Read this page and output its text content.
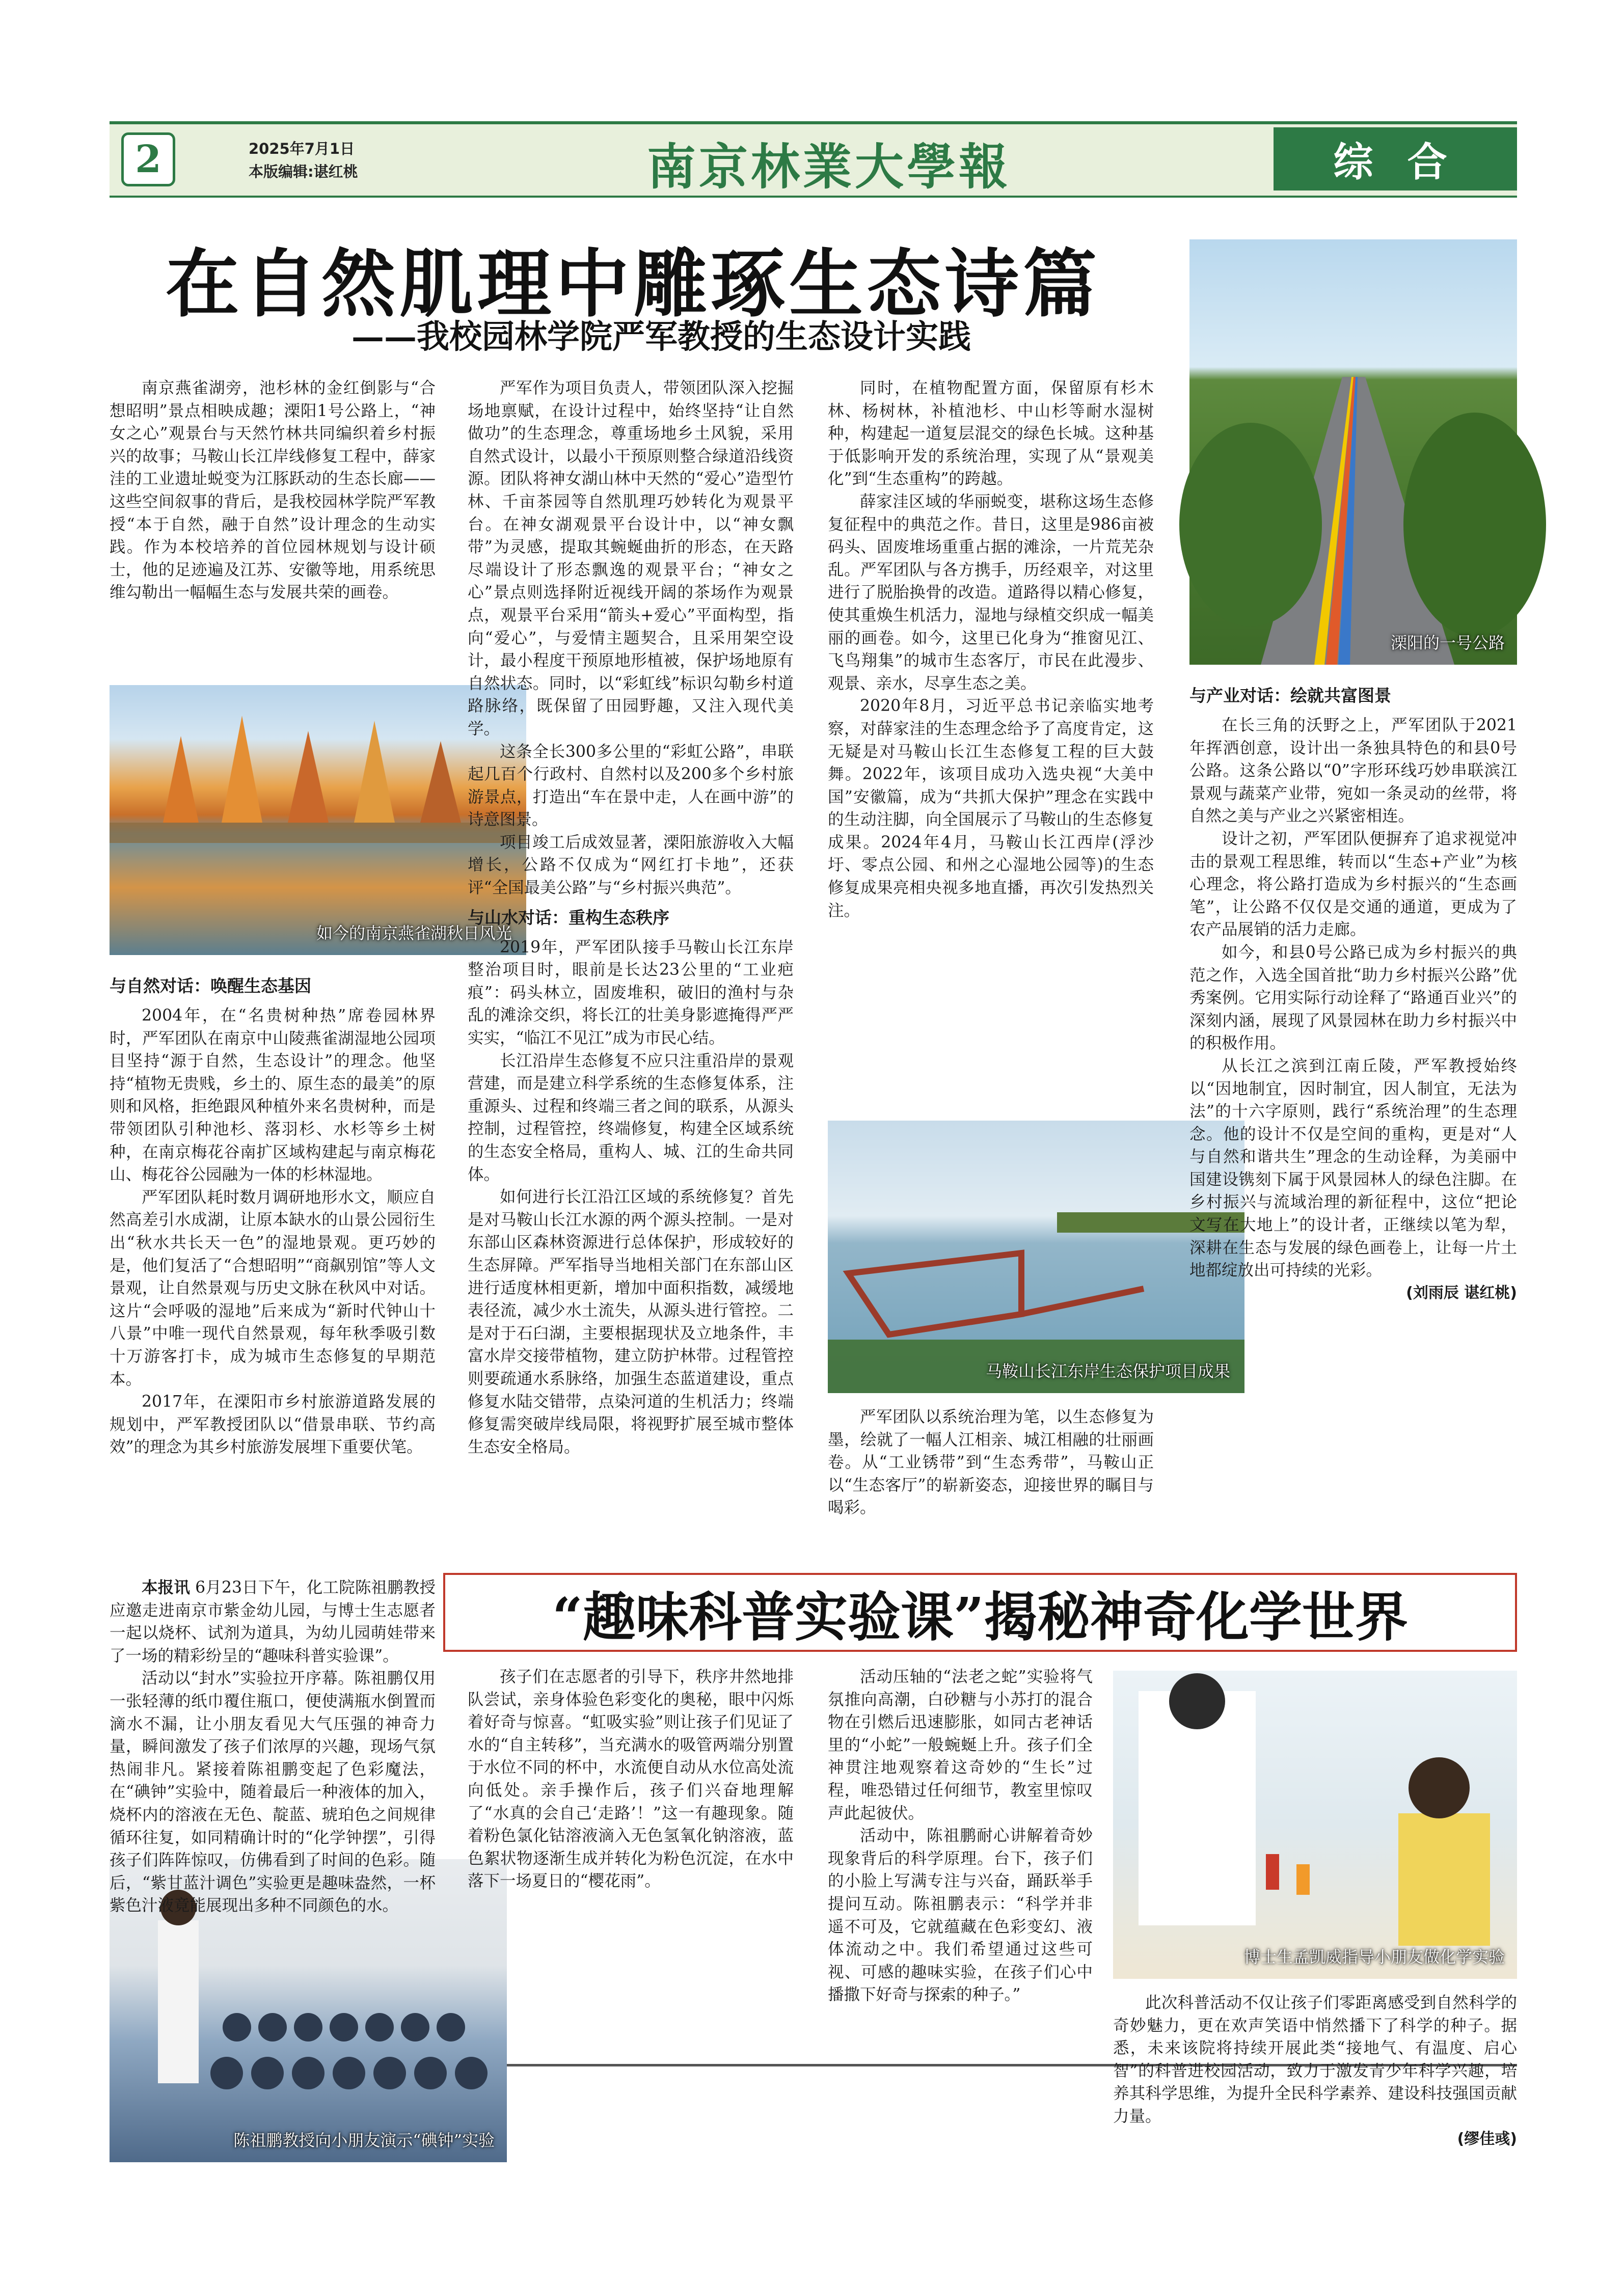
2	2025年7月1日
本版编辑:谌红桃	南京林業大學報	综 合
在自然肌理中雕琢生态诗篇
——我校园林学院严军教授的生态设计实践
溧阳的一号公路
如今的南京燕雀湖秋日风光
马鞍山长江东岸生态保护项目成果

南京燕雀湖旁，池杉林的金红倒影与“合想昭明”景点相映成趣；溧阳1号公路上，“神女之心”观景台与天然竹林共同编织着乡村振兴的故事；马鞍山长江岸线修复工程中，薛家洼的工业遗址蜕变为江豚跃动的生态长廊——这些空间叙事的背后，是我校园林学院严军教授“本于自然，融于自然”设计理念的生动实践。作为本校培养的首位园林规划与设计硕士，他的足迹遍及江苏、安徽等地，用系统思维勾勒出一幅幅生态与发展共荣的画卷。

与自然对话：唤醒生态基因

2004年，在“名贵树种热”席卷园林界时，严军团队在南京中山陵燕雀湖湿地公园项目坚持“源于自然，生态设计”的理念。他坚持“植物无贵贱，乡土的、原生态的最美”的原则和风格，拒绝跟风种植外来名贵树种，而是带领团队引种池杉、落羽杉、水杉等乡土树种，在南京梅花谷南扩区域构建起与南京梅花山、梅花谷公园融为一体的杉林湿地。

严军团队耗时数月调研地形水文，顺应自然高差引水成湖，让原本缺水的山景公园衍生出“秋水共长天一色”的湿地景观。更巧妙的是，他们复活了“合想昭明”“商飙别馆”等人文景观，让自然景观与历史文脉在秋风中对话。这片“会呼吸的湿地”后来成为“新时代钟山十八景”中唯一现代自然景观，每年秋季吸引数十万游客打卡，成为城市生态修复的早期范本。

2017年，在溧阳市乡村旅游道路发展的规划中，严军教授团队以“借景串联、节约高效”的理念为其乡村旅游发展埋下重要伏笔。

严军作为项目负责人，带领团队深入挖掘场地禀赋，在设计过程中，始终坚持“让自然做功”的生态理念，尊重场地乡土风貌，采用自然式设计，以最小干预原则整合绿道沿线资源。团队将神女湖山林中天然的“爱心”造型竹林、千亩茶园等自然肌理巧妙转化为观景平台。在神女湖观景平台设计中，以“神女飘带”为灵感，提取其蜿蜒曲折的形态，在天路尽端设计了形态飘逸的观景平台；“神女之心”景点则选择附近视线开阔的茶场作为观景点，观景平台采用“箭头+爱心”平面构型，指向“爱心”，与爱情主题契合，且采用架空设计，最小程度干预原地形植被，保护场地原有自然状态。同时，以“彩虹线”标识勾勒乡村道路脉络，既保留了田园野趣，又注入现代美学。

这条全长300多公里的“彩虹公路”，串联起几百个行政村、自然村以及200多个乡村旅游景点，打造出“车在景中走，人在画中游”的诗意图景。

项目竣工后成效显著，溧阳旅游收入大幅增长，公路不仅成为“网红打卡地”，还获评“全国最美公路”与“乡村振兴典范”。

与山水对话：重构生态秩序

2019年，严军团队接手马鞍山长江东岸整治项目时，眼前是长达23公里的“工业疤痕”：码头林立，固废堆积，破旧的渔村与杂乱的滩涂交织，将长江的壮美身影遮掩得严严实实，“临江不见江”成为市民心结。

长江沿岸生态修复不应只注重沿岸的景观营建，而是建立科学系统的生态修复体系，注重源头、过程和终端三者之间的联系，从源头控制，过程管控，终端修复，构建全区域系统的生态安全格局，重构人、城、江的生命共同体。

如何进行长江沿江区域的系统修复？首先是对马鞍山长江水源的两个源头控制。一是对东部山区森林资源进行总体保护，形成较好的生态屏障。严军指导当地相关部门在东部山区进行适度林相更新，增加中面积指数，减缓地表径流，减少水土流失，从源头进行管控。二是对于石臼湖，主要根据现状及立地条件，丰富水岸交接带植物，建立防护林带。过程管控则要疏通水系脉络，加强生态蓝道建设，重点修复水陆交错带，点染河道的生机活力；终端修复需突破岸线局限，将视野扩展至城市整体生态安全格局。

同时，在植物配置方面，保留原有杉木林、杨树林，补植池杉、中山杉等耐水湿树种，构建起一道复层混交的绿色长城。这种基于低影响开发的系统治理，实现了从“景观美化”到“生态重构”的跨越。

薛家洼区域的华丽蜕变，堪称这场生态修复征程中的典范之作。昔日，这里是986亩被码头、固废堆场重重占据的滩涂，一片荒芜杂乱。严军团队与各方携手，历经艰辛，对这里进行了脱胎换骨的改造。道路得以精心修复，使其重焕生机活力，湿地与绿植交织成一幅美丽的画卷。如今，这里已化身为“推窗见江、飞鸟翔集”的城市生态客厅，市民在此漫步、观景、亲水，尽享生态之美。

2020年8月，习近平总书记亲临实地考察，对薛家洼的生态理念给予了高度肯定，这无疑是对马鞍山长江生态修复工程的巨大鼓舞。2022年，该项目成功入选央视“大美中国”安徽篇，成为“共抓大保护”理念在实践中的生动注脚，向全国展示了马鞍山的生态修复成果。2024年4月，马鞍山长江西岸(浮沙圩、零点公园、和州之心湿地公园等)的生态修复成果亮相央视多地直播，再次引发热烈关注。

严军团队以系统治理为笔，以生态修复为墨，绘就了一幅人江相亲、城江相融的壮丽画卷。从“工业锈带”到“生态秀带”，马鞍山正以“生态客厅”的崭新姿态，迎接世界的瞩目与喝彩。

与产业对话：绘就共富图景

在长三角的沃野之上，严军团队于2021年挥洒创意，设计出一条独具特色的和县0号公路。这条公路以“0”字形环线巧妙串联滨江景观与蔬菜产业带，宛如一条灵动的丝带，将自然之美与产业之兴紧密相连。

设计之初，严军团队便摒弃了追求视觉冲击的景观工程思维，转而以“生态+产业”为核心理念，将公路打造成为乡村振兴的“生态画笔”，让公路不仅仅是交通的通道，更成为了农产品展销的活力走廊。

如今，和县0号公路已成为乡村振兴的典范之作，入选全国首批“助力乡村振兴公路”优秀案例。它用实际行动诠释了“路通百业兴”的深刻内涵，展现了风景园林在助力乡村振兴中的积极作用。

从长江之滨到江南丘陵，严军教授始终以“因地制宜，因时制宜，因人制宜，无法为法”的十六字原则，践行“系统治理”的生态理念。他的设计不仅是空间的重构，更是对“人与自然和谐共生”理念的生动诠释，为美丽中国建设镌刻下属于风景园林人的绿色注脚。在乡村振兴与流域治理的新征程中，这位“把论文写在大地上”的设计者，正继续以笔为犁，深耕在生态与发展的绿色画卷上，让每一片土地都绽放出可持续的光彩。

(刘雨辰 谌红桃)

“趣味科普实验课”揭秘神奇化学世界
陈祖鹏教授向小朋友演示“碘钟”实验
博士生孟凯威指导小朋友做化学实验

本报讯 6月23日下午，化工院陈祖鹏教授应邀走进南京市紫金幼儿园，与博士生志愿者一起以烧杯、试剂为道具，为幼儿园萌娃带来了一场的精彩纷呈的“趣味科普实验课”。

活动以“封水”实验拉开序幕。陈祖鹏仅用一张轻薄的纸巾覆住瓶口，便使满瓶水倒置而滴水不漏，让小朋友看见大气压强的神奇力量，瞬间激发了孩子们浓厚的兴趣，现场气氛热闹非凡。紧接着陈祖鹏变起了色彩魔法，在“碘钟”实验中，随着最后一种液体的加入，烧杯内的溶液在无色、靛蓝、琥珀色之间规律循环往复，如同精确计时的“化学钟摆”，引得孩子们阵阵惊叹，仿佛看到了时间的色彩。随后，“紫甘蓝汁调色”实验更是趣味盎然，一杯紫色汁液竟能展现出多种不同颜色的水。

孩子们在志愿者的引导下，秩序井然地排队尝试，亲身体验色彩变化的奥秘，眼中闪烁着好奇与惊喜。“虹吸实验”则让孩子们见证了水的“自主转移”，当充满水的吸管两端分别置于水位不同的杯中，水流便自动从水位高处流向低处。亲手操作后，孩子们兴奋地理解了“水真的会自己‘走路’！”这一有趣现象。随着粉色氯化钴溶液滴入无色氢氧化钠溶液，蓝色絮状物逐渐生成并转化为粉色沉淀，在水中落下一场夏日的“樱花雨”。

活动压轴的“法老之蛇”实验将气氛推向高潮，白砂糖与小苏打的混合物在引燃后迅速膨胀，如同古老神话里的“小蛇”一般蜿蜒上升。孩子们全神贯注地观察着这奇妙的“生长”过程，唯恐错过任何细节，教室里惊叹声此起彼伏。

活动中，陈祖鹏耐心讲解着奇妙现象背后的科学原理。台下，孩子们的小脸上写满专注与兴奋，踊跃举手提问互动。陈祖鹏表示：“科学并非遥不可及，它就蕴藏在色彩变幻、液体流动之中。我们希望通过这些可视、可感的趣味实验，在孩子们心中播撒下好奇与探索的种子。”	此次科普活动不仅让孩子们零距离感受到自然科学的奇妙魅力，更在欢声笑语中悄然播下了科学的种子。据悉，未来该院将持续开展此类“接地气、有温度、启心智”的科普进校园活动，致力于激发青少年科学兴趣，培养其科学思维，为提升全民科学素养、建设科技强国贡献力量。

(缪佳彧)
